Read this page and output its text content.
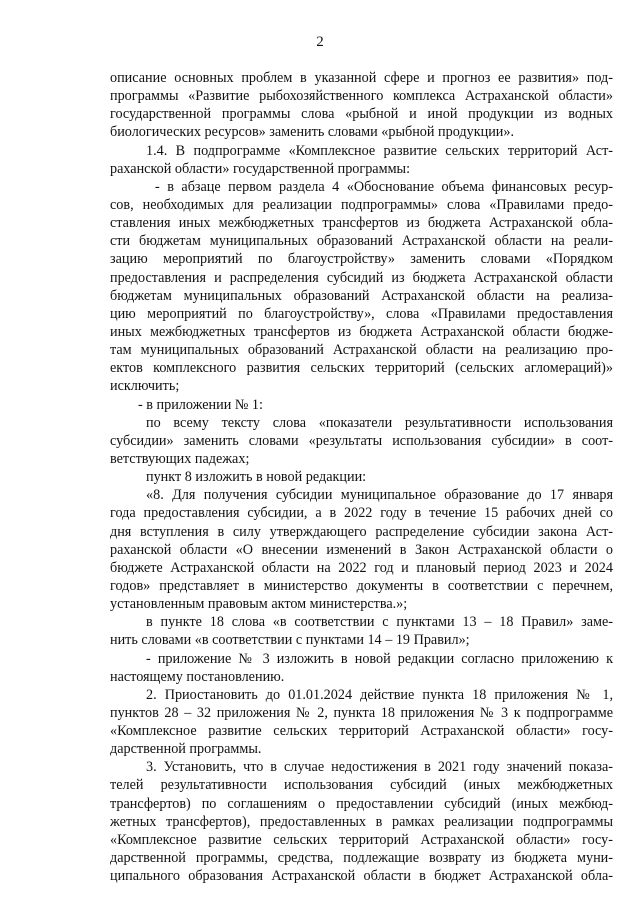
2
описание основных проблем в указанной сфере и прогноз ее развития» под-
программы «Развитие рыбохозяйственного комплекса Астраханской области»
государственной программы слова «рыбной и иной продукции из водных
биологических ресурсов» заменить словами «рыбной продукции».
1.4. В подпрограмме «Комплексное развитие сельских территорий Аст-
раханской области» государственной программы:
- в абзаце первом раздела 4 «Обоснование объема финансовых ресур-
сов, необходимых для реализации подпрограммы» слова «Правилами предо-
ставления иных межбюджетных трансфертов из бюджета Астраханской обла-
сти бюджетам муниципальных образований Астраханской области на реали-
зацию мероприятий по благоустройству» заменить словами «Порядком
предоставления и распределения субсидий из бюджета Астраханской области
бюджетам муниципальных образований Астраханской области на реализа-
цию мероприятий по благоустройству», слова «Правилами предоставления
иных межбюджетных трансфертов из бюджета Астраханской области бюдже-
там муниципальных образований Астраханской области на реализацию про-
ектов комплексного развития сельских территорий (сельских агломераций)»
исключить;
- в приложении № 1:
по всему тексту слова «показатели результативности использования
субсидии» заменить словами «результаты использования субсидии» в соот-
ветствующих падежах;
пункт 8 изложить в новой редакции:
«8. Для получения субсидии муниципальное образование до 17 января
года предоставления субсидии, а в 2022 году в течение 15 рабочих дней со
дня вступления в силу утверждающего распределение субсидии закона Аст-
раханской области «О внесении изменений в Закон Астраханской области о
бюджете Астраханской области на 2022 год и плановый период 2023 и 2024
годов» представляет в министерство документы в соответствии с перечнем,
установленным правовым актом министерства.»;
в пункте 18 слова «в соответствии с пунктами 13 – 18 Правил» заме-
нить словами «в соответствии с пунктами 14 – 19 Правил»;
- приложение № 3 изложить в новой редакции согласно приложению к
настоящему постановлению.
2. Приостановить до 01.01.2024 действие пункта 18 приложения № 1,
пунктов 28 – 32 приложения № 2, пункта 18 приложения № 3 к подпрограмме
«Комплексное развитие сельских территорий Астраханской области» госу-
дарственной программы.
3. Установить, что в случае недостижения в 2021 году значений показа-
телей результативности использования субсидий (иных межбюджетных
трансфертов) по соглашениям о предоставлении субсидий (иных межбюд-
жетных трансфертов), предоставленных в рамках реализации подпрограммы
«Комплексное развитие сельских территорий Астраханской области» госу-
дарственной программы, средства, подлежащие возврату из бюджета муни-
ципального образования Астраханской области в бюджет Астраханской обла-
